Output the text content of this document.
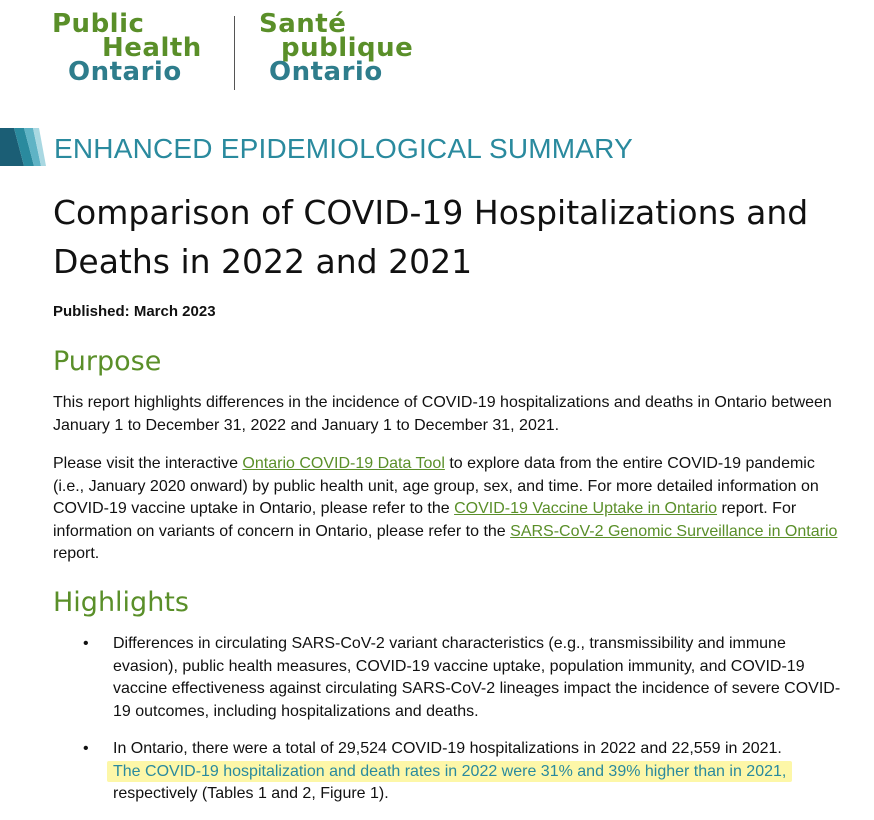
Public
Health
Ontario
Santé
publique
Ontario
ENHANCED EPIDEMIOLOGICAL SUMMARY
Comparison of COVID-19 Hospitalizations and Deaths in 2022 and 2021
Published: March 2023
Purpose

This report highlights differences in the incidence of COVID-19 hospitalizations and deaths in Ontario between January 1 to December 31, 2022 and January 1 to December 31, 2021.

Please visit the interactive Ontario COVID-19 Data Tool to explore data from the entire COVID-19 pandemic (i.e., January 2020 onward) by public health unit, age group, sex, and time. For more detailed information on COVID-19 vaccine uptake in Ontario, please refer to the COVID-19 Vaccine Uptake in Ontario report. For information on variants of concern in Ontario, please refer to the SARS-CoV-2 Genomic Surveillance in Ontario report.

Highlights
• Differences in circulating SARS-CoV-2 variant characteristics (e.g., transmissibility and immune evasion), public health measures, COVID-19 vaccine uptake, population immunity, and COVID-19 vaccine effectiveness against circulating SARS-CoV-2 lineages impact the incidence of severe COVID-19 outcomes, including hospitalizations and deaths.
• In Ontario, there were a total of 29,524 COVID-19 hospitalizations in 2022 and 22,559 in 2021.
The COVID-19 hospitalization and death rates in 2022 were 31% and 39% higher than in 2021,
respectively (Tables 1 and 2, Figure 1).
